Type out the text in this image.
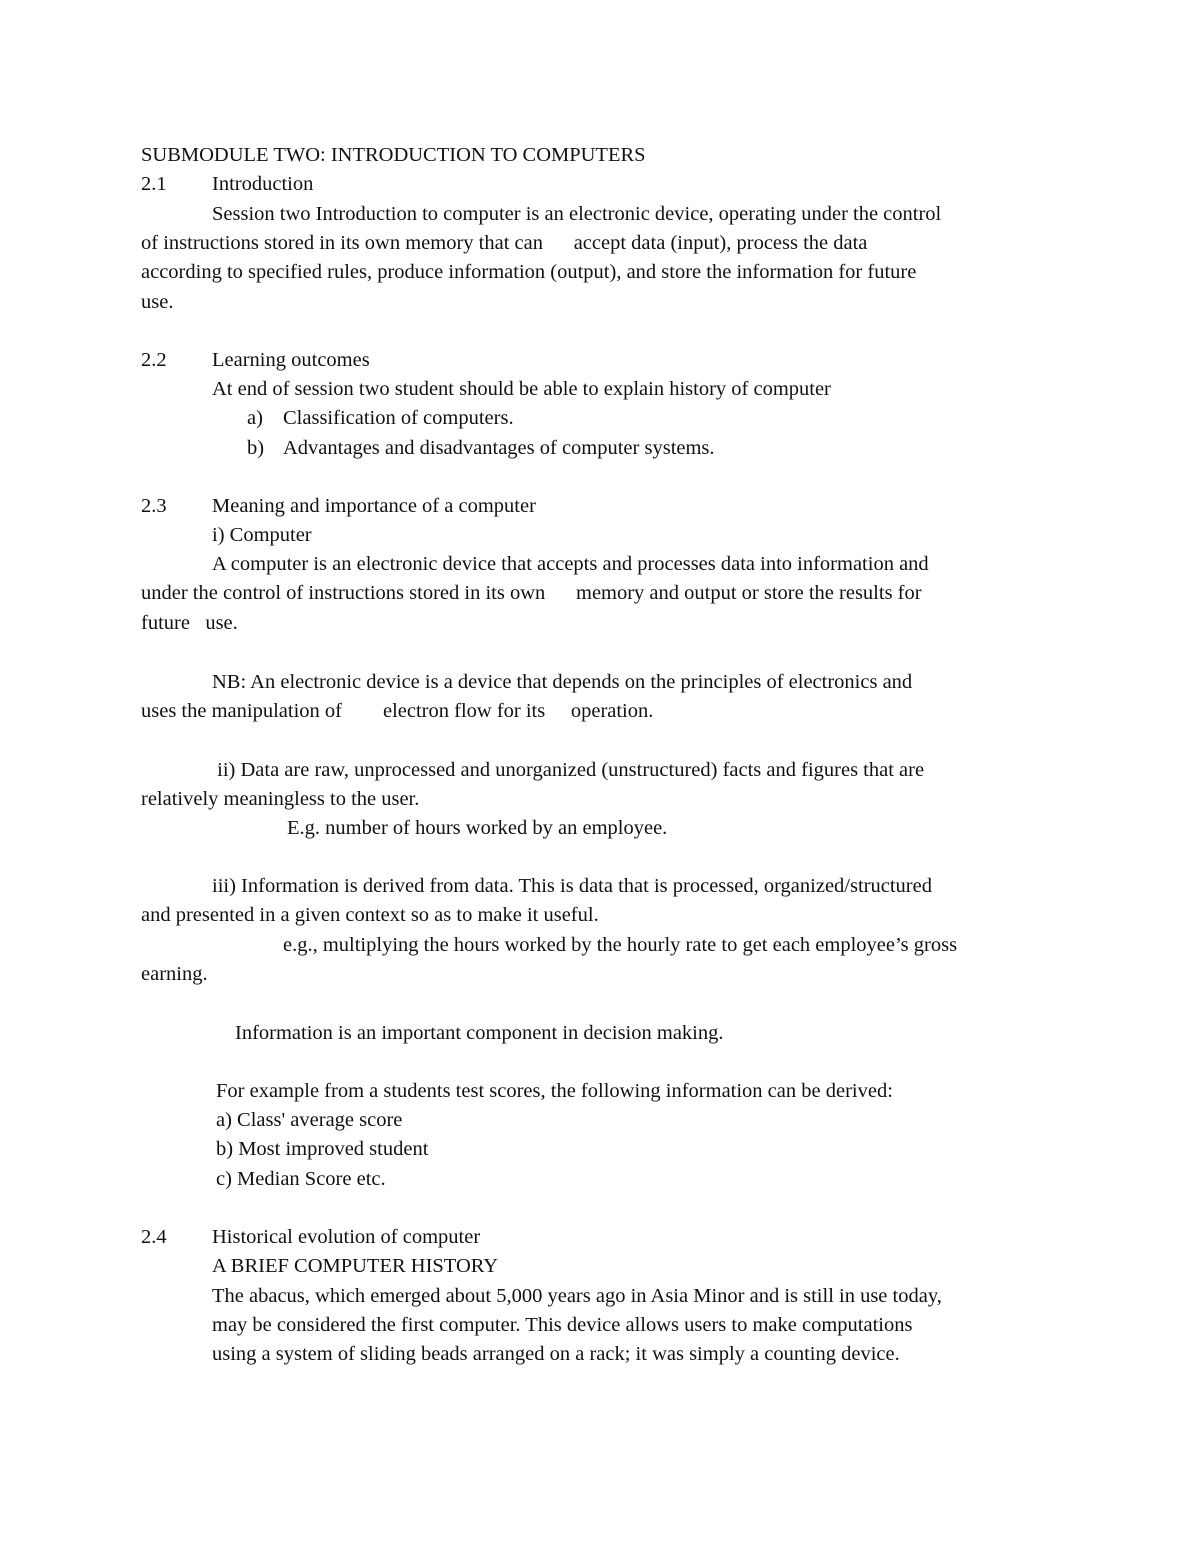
SUBMODULE TWO: INTRODUCTION TO COMPUTERS
2.1 Introduction
Session two Introduction to computer is an electronic device, operating under the control
of instructions stored in its own memory that can      accept data (input), process the data
according to specified rules, produce information (output), and store the information for future
use.
2.2 Learning outcomes
At end of session two student should be able to explain history of computer
a) Classification of computers.
b) Advantages and disadvantages of computer systems.
2.3 Meaning and importance of a computer
i) Computer
A computer is an electronic device that accepts and processes data into information and
under the control of instructions stored in its own      memory and output or store the results for
future   use.
NB: An electronic device is a device that depends on the principles of electronics and
uses the manipulation of        electron flow for its     operation.
ii) Data are raw, unprocessed and unorganized (unstructured) facts and figures that are
relatively meaningless to the user.
E.g. number of hours worked by an employee.
iii) Information is derived from data. This is data that is processed, organized/structured
and presented in a given context so as to make it useful.
e.g., multiplying the hours worked by the hourly rate to get each employee’s gross
earning.
Information is an important component in decision making.
For example from a students test scores, the following information can be derived:
a) Class' average score
b) Most improved student
c) Median Score etc.
2.4 Historical evolution of computer
A BRIEF COMPUTER HISTORY
The abacus, which emerged about 5,000 years ago in Asia Minor and is still in use today,
may be considered the first computer. This device allows users to make computations
using a system of sliding beads arranged on a rack; it was simply a counting device.
